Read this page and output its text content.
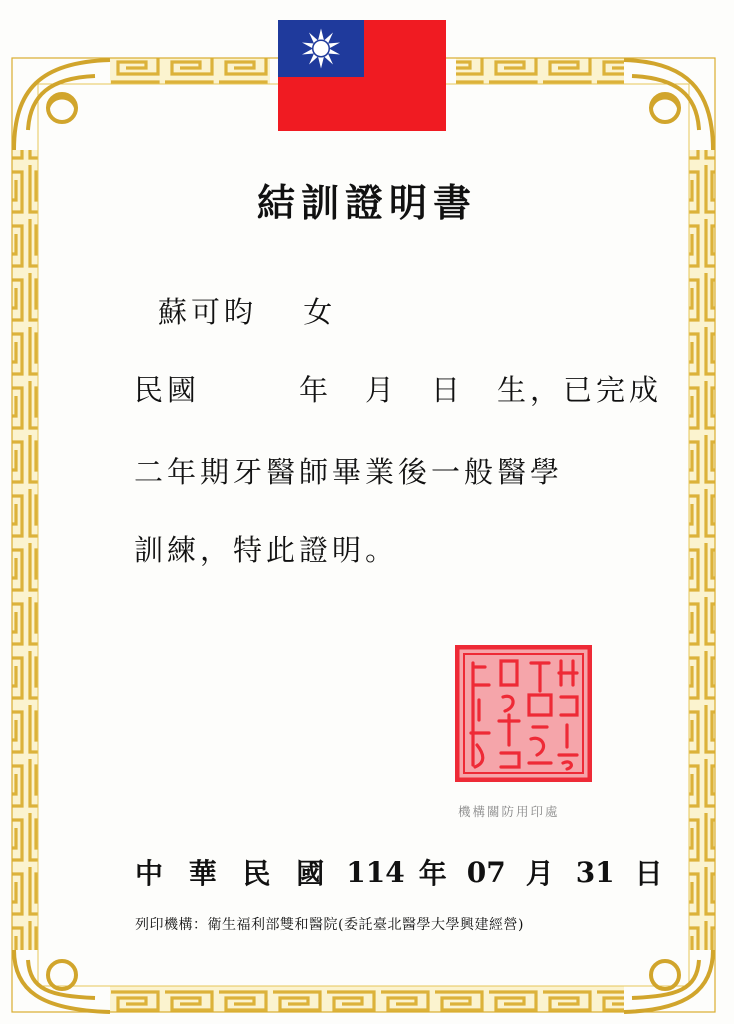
結訓證明書
蘇可昀　 女
民國　　　年　月　日　生，已完成
二年期牙醫師畢業後一般醫學
訓練，特此證明。
機構關防用印處
中 華 民 國 114 年 07 月 31 日
列印機構：衛生福利部雙和醫院(委託臺北醫學大學興建經營)
